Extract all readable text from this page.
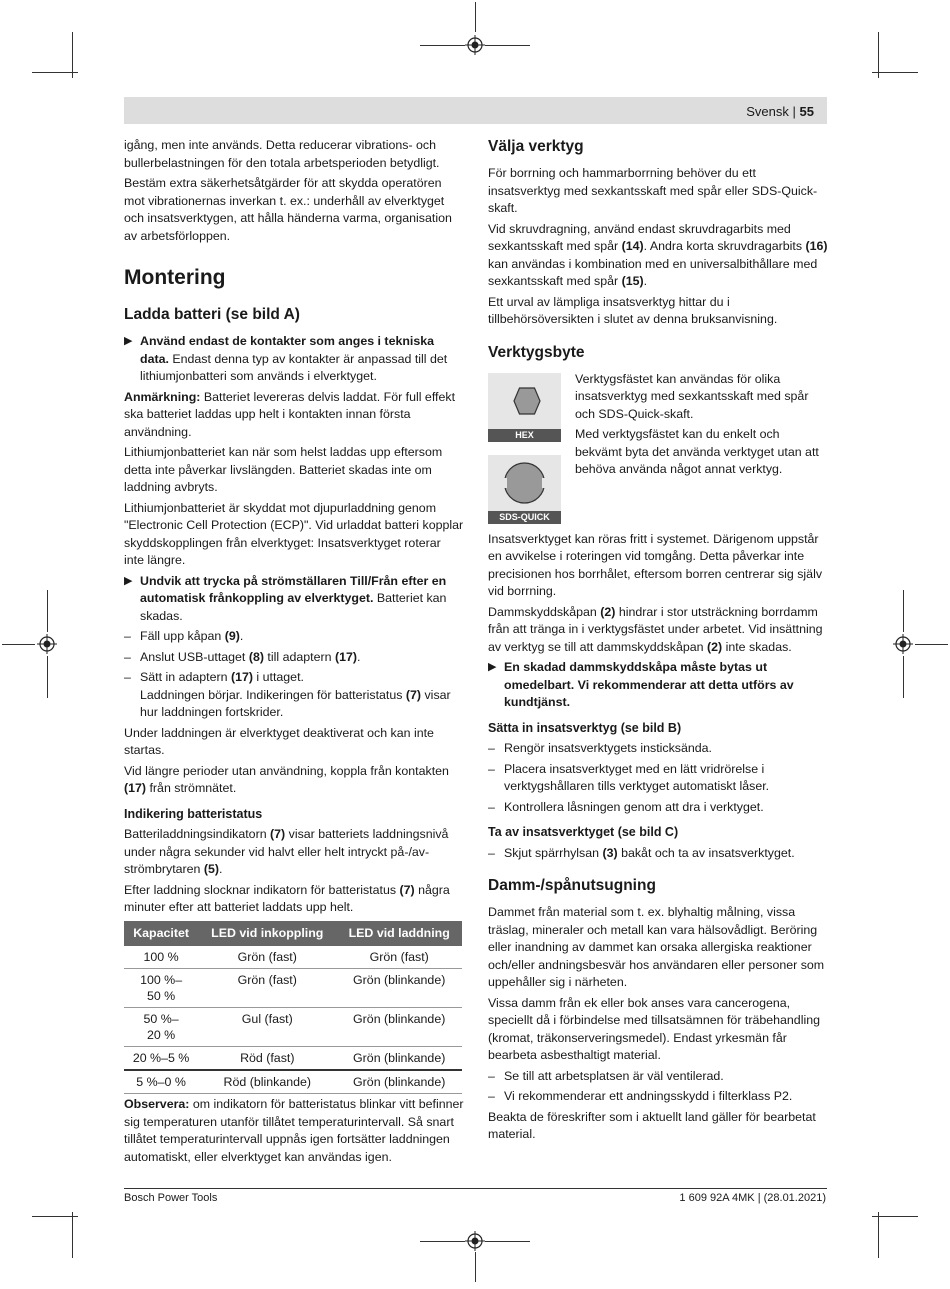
Svensk | 55

igång, men inte används. Detta reducerar vibrations- och bullerbelastningen för den totala arbetsperioden betydligt.

Bestäm extra säkerhetsåtgärder för att skydda operatören mot vibrationernas inverkan t. ex.: underhåll av elverktyget och insatsverktygen, att hålla händerna varma, organisation av arbetsförloppen.

Montering
Ladda batteri (se bild A)
▶ Använd endast de kontakter som anges i tekniska data. Endast denna typ av kontakter är anpassad till det lithiumjonbatteri som används i elverktyget.

Anmärkning: Batteriet levereras delvis laddat. För full effekt ska batteriet laddas upp helt i kontakten innan första användning.

Lithiumjonbatteriet kan när som helst laddas upp eftersom detta inte påverkar livslängden. Batteriet skadas inte om laddning avbryts.

Lithiumjonbatteriet är skyddat mot djupurladdning genom "Electronic Cell Protection (ECP)". Vid urladdat batteri kopplar skyddskopplingen från elverktyget: Insatsverktyget roterar inte längre.

▶ Undvik att trycka på strömställaren Till/Från efter en automatisk frånkoppling av elverktyget. Batteriet kan skadas.
– Fäll upp kåpan (9).
– Anslut USB-uttaget (8) till adaptern (17).
– Sätt in adaptern (17) i uttaget.
Laddningen börjar. Indikeringen för batteristatus (7) visar hur laddningen fortskrider.

Under laddningen är elverktyget deaktiverat och kan inte startas.

Vid längre perioder utan användning, koppla från kontakten (17) från strömnätet.

Indikering batteristatus

Batteriladdningsindikatorn (7) visar batteriets laddningsnivå under några sekunder vid halvt eller helt intryckt på-/av-strömbrytaren (5).

Efter laddning slocknar indikatorn för batteristatus (7) några minuter efter att batteriet laddats upp helt.

Kapacitet	LED vid inkoppling	LED vid laddning
100 %	Grön (fast)	Grön (fast)
100 %–
50 %	Grön (fast)	Grön (blinkande)
50 %–
20 %	Gul (fast)	Grön (blinkande)
20 %–5 %	Röd (fast)	Grön (blinkande)
5 %–0 %	Röd (blinkande)	Grön (blinkande)

Observera: om indikatorn för batteristatus blinkar vitt befinner sig temperaturen utanför tillåtet temperaturintervall. Så snart tillåtet temperaturintervall uppnås igen fortsätter laddningen automatiskt, eller elverktyget kan användas igen.

Välja verktyg

För borrning och hammarborrning behöver du ett insatsverktyg med sexkantsskaft med spår eller SDS-Quick-skaft.

Vid skruvdragning, använd endast skruvdragarbits med sexkantsskaft med spår (14). Andra korta skruvdragarbits (16) kan användas i kombination med en universalbithållare med sexkantsskaft med spår (15).

Ett urval av lämpliga insatsverktyg hittar du i tillbehörsöversikten i slutet av denna bruksanvisning.

Verktygsbyte
HEX
SDS-QUICK

Verktygsfästet kan användas för olika insatsverktyg med sexkantsskaft med spår och SDS-Quick-skaft.

Med verktygsfästet kan du enkelt och bekvämt byta det använda verktyget utan att behöva använda något annat verktyg.

Insatsverktyget kan röras fritt i systemet. Därigenom uppstår en avvikelse i roteringen vid tomgång. Detta påverkar inte precisionen hos borrhålet, eftersom borren centrerar sig själv vid borrning.

Dammskyddskåpan (2) hindrar i stor utsträckning borrdamm från att tränga in i verktygsfästet under arbetet. Vid insättning av verktyg se till att dammskyddskåpan (2) inte skadas.

▶ En skadad dammskyddskåpa måste bytas ut omedelbart. Vi rekommenderar att detta utförs av kundtjänst.
Sätta in insatsverktyg (se bild B)
– Rengör insatsverktygets insticksända.
– Placera insatsverktyget med en lätt vridrörelse i verktygshållaren tills verktyget automatiskt låser.
– Kontrollera låsningen genom att dra i verktyget.
Ta av insatsverktyget (se bild C)
– Skjut spärrhylsan (3) bakåt och ta av insatsverktyget.
Damm-/spånutsugning

Dammet från material som t. ex. blyhaltig målning, vissa träslag, mineraler och metall kan vara hälsovådligt. Beröring eller inandning av dammet kan orsaka allergiska reaktioner och/eller andningsbesvär hos användaren eller personer som uppehåller sig i närheten.

Vissa damm från ek eller bok anses vara cancerogena, speciellt då i förbindelse med tillsatsämnen för träbehandling (kromat, träkonserveringsmedel). Endast yrkesmän får bearbeta asbesthaltigt material.

– Se till att arbetsplatsen är väl ventilerad.
– Vi rekommenderar ett andningsskydd i filterklass P2.

Beakta de föreskrifter som i aktuellt land gäller för bearbetat material.

Bosch Power Tools	1 609 92A 4MK | (28.01.2021)
